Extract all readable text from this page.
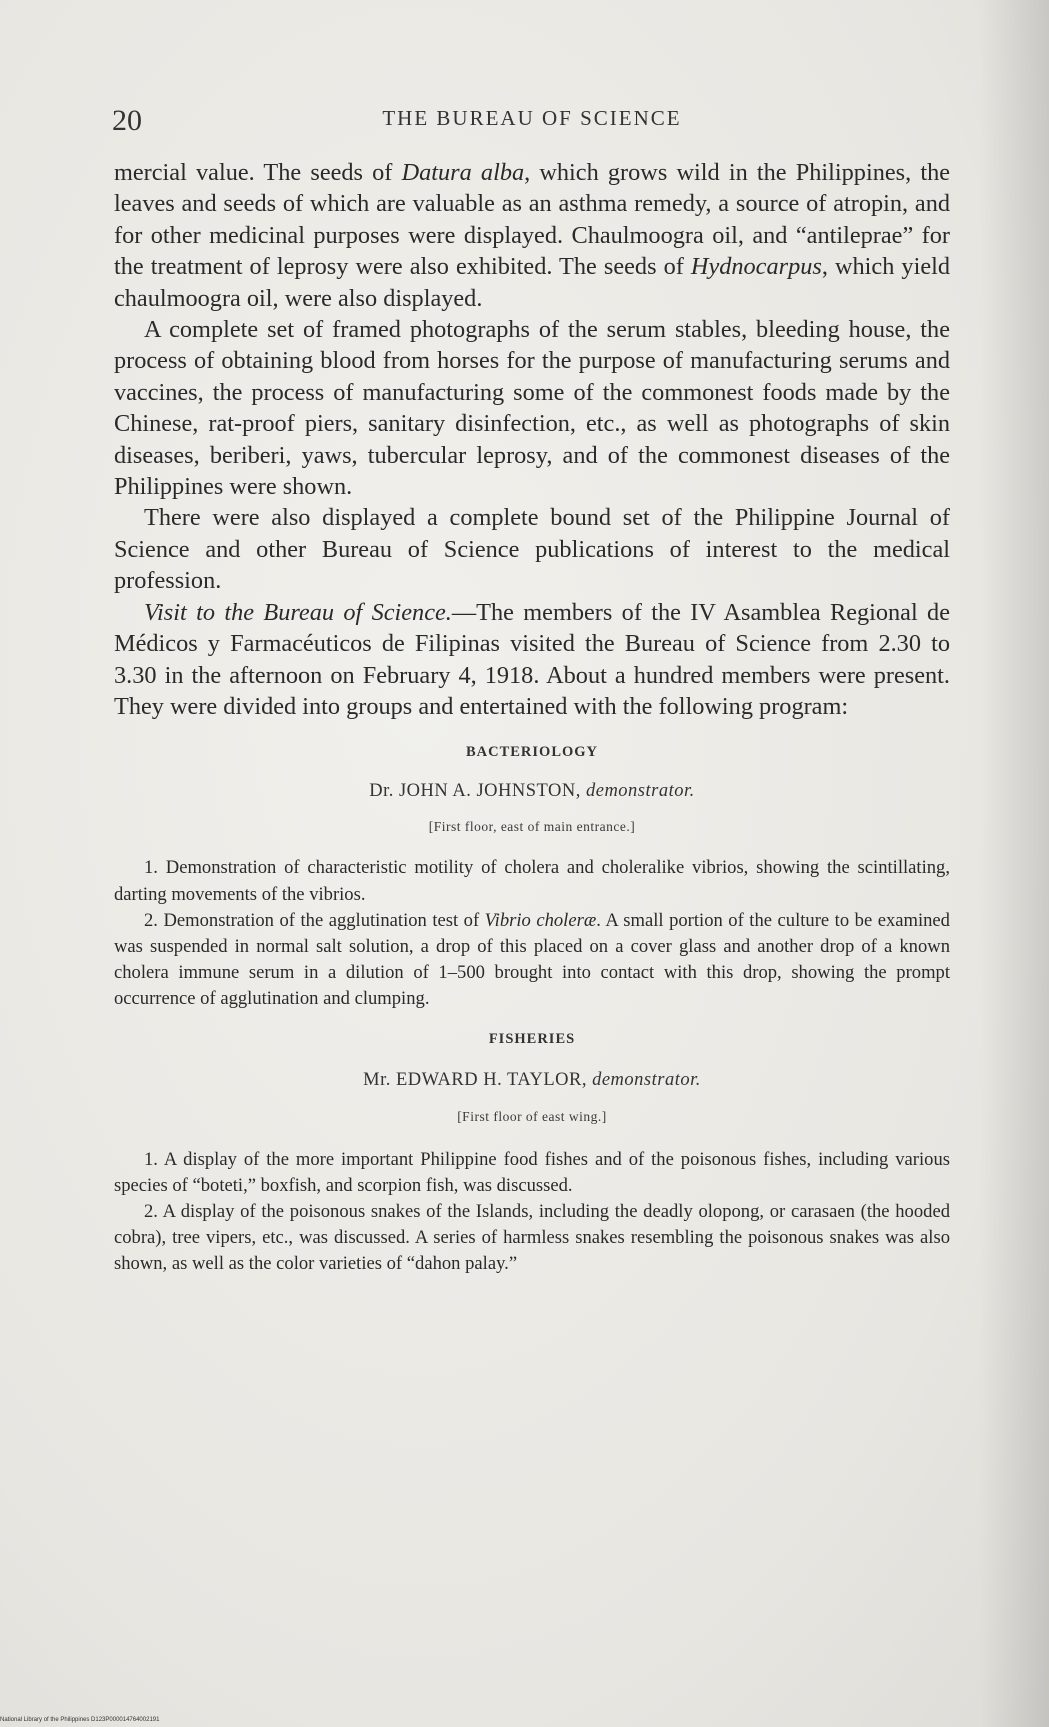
20	THE BUREAU OF SCIENCE

mercial value. The seeds of Datura alba, which grows wild in the Philippines, the leaves and seeds of which are valuable as an asthma remedy, a source of atropin, and for other medicinal purposes were displayed. Chaulmoogra oil, and “antileprae” for the treatment of leprosy were also exhibited. The seeds of Hydnocarpus, which yield chaulmoogra oil, were also displayed.

A complete set of framed photographs of the serum stables, bleeding house, the process of obtaining blood from horses for the purpose of manufacturing serums and vaccines, the process of manufacturing some of the commonest foods made by the Chinese, rat-proof piers, sanitary disinfection, etc., as well as photographs of skin diseases, beriberi, yaws, tubercular leprosy, and of the commonest diseases of the Philippines were shown.

There were also displayed a complete bound set of the Philippine Journal of Science and other Bureau of Science publications of interest to the medical profession.

Visit to the Bureau of Science.—The members of the IV Asamblea Regional de Médicos y Farmacéuticos de Filipinas visited the Bureau of Science from 2.30 to 3.30 in the afternoon on February 4, 1918. About a hundred members were present. They were divided into groups and entertained with the following program:

BACTERIOLOGY
Dr. JOHN A. JOHNSTON, demonstrator.
[First floor, east of main entrance.]

1. Demonstration of characteristic motility of cholera and choleralike vibrios, showing the scintillating, darting movements of the vibrios.

2. Demonstration of the agglutination test of Vibrio choleræ. A small portion of the culture to be examined was suspended in normal salt solution, a drop of this placed on a cover glass and another drop of a known cholera immune serum in a dilution of 1–500 brought into contact with this drop, showing the prompt occurrence of agglutination and clumping.

FISHERIES
Mr. EDWARD H. TAYLOR, demonstrator.
[First floor of east wing.]

1. A display of the more important Philippine food fishes and of the poisonous fishes, including various species of “boteti,” boxfish, and scorpion fish, was discussed.

2. A display of the poisonous snakes of the Islands, including the deadly olopong, or carasaen (the hooded cobra), tree vipers, etc., was discussed. A series of harmless snakes resembling the poisonous snakes was also shown, as well as the color varieties of “dahon palay.”

National Library of the Philippines D123P000014764002191
